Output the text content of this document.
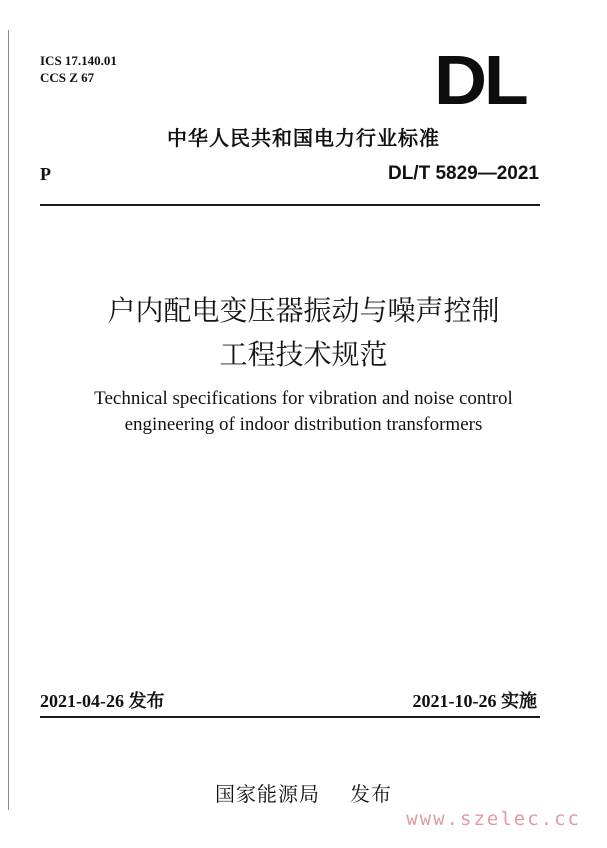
ICS 17.140.01
CCS Z 67	DL
中华人民共和国电力行业标准
P	DL/T 5829—2021
户内配电变压器振动与噪声控制
工程技术规范
Technical specifications for vibration and noise control
engineering of indoor distribution transformers
2021-04-26 发布	2021-10-26 实施
国家能源局 发布
www.szelec.cc
